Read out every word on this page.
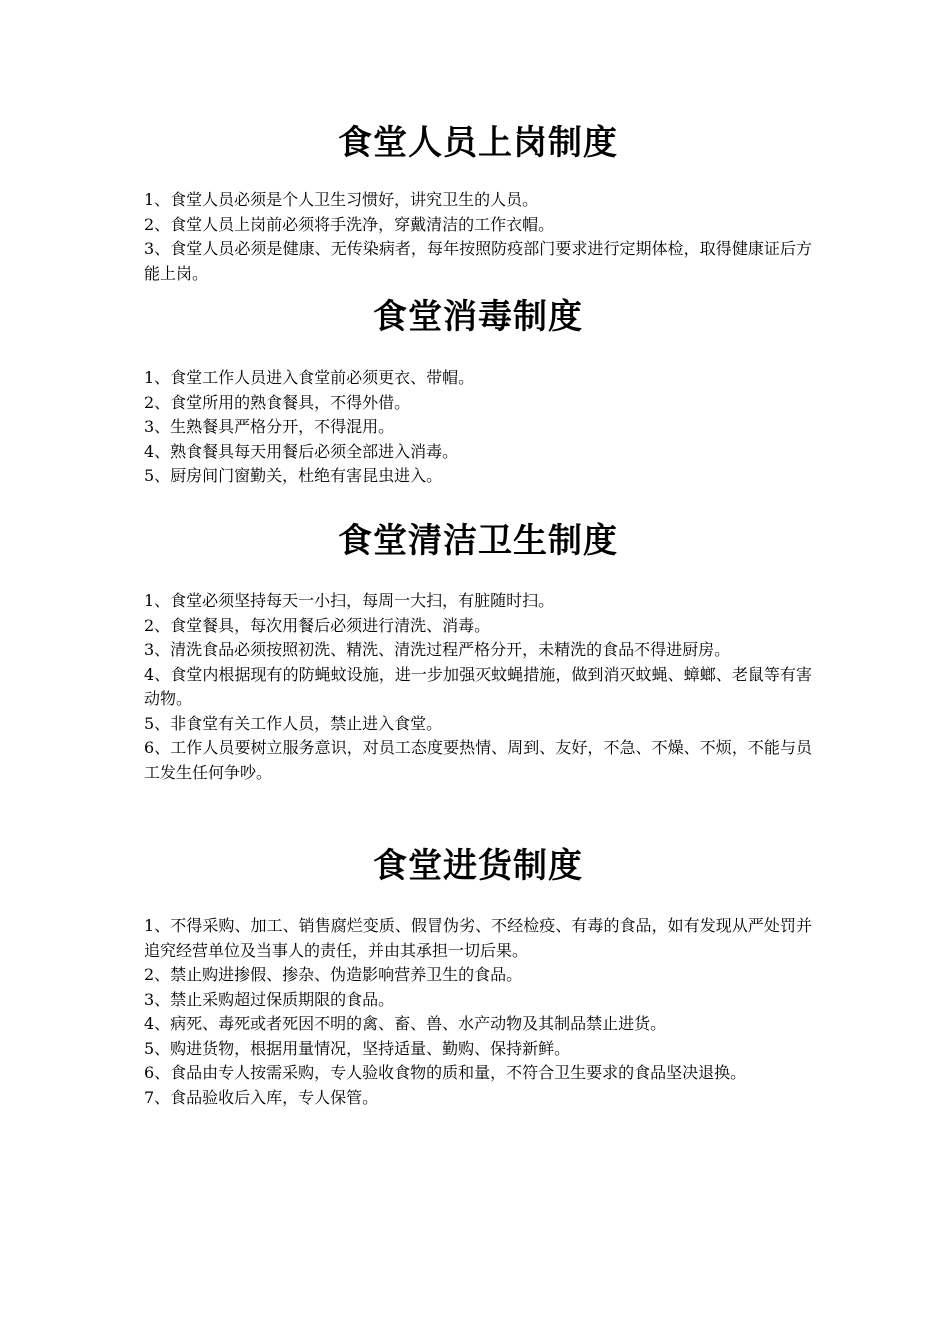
食堂人员上岗制度

1、食堂人员必须是个人卫生习惯好，讲究卫生的人员。

2、食堂人员上岗前必须将手洗净，穿戴清洁的工作衣帽。

3、食堂人员必须是健康、无传染病者，每年按照防疫部门要求进行定期体检，取得健康证后方能上岗。

食堂消毒制度

1、食堂工作人员进入食堂前必须更衣、带帽。

2、食堂所用的熟食餐具，不得外借。

3、生熟餐具严格分开，不得混用。

4、熟食餐具每天用餐后必须全部进入消毒。

5、厨房间门窗勤关，杜绝有害昆虫进入。

食堂清洁卫生制度

1、食堂必须坚持每天一小扫，每周一大扫，有脏随时扫。

2、食堂餐具，每次用餐后必须进行清洗、消毒。

3、清洗食品必须按照初洗、精洗、清洗过程严格分开，未精洗的食品不得进厨房。

4、食堂内根据现有的防蝇蚊设施，进一步加强灭蚊蝇措施，做到消灭蚊蝇、蟑螂、老鼠等有害动物。

5、非食堂有关工作人员，禁止进入食堂。

6、工作人员要树立服务意识，对员工态度要热情、周到、友好，不急、不燥、不烦，不能与员工发生任何争吵。

食堂进货制度

1、不得采购、加工、销售腐烂变质、假冒伪劣、不经检疫、有毒的食品，如有发现从严处罚并追究经营单位及当事人的责任，并由其承担一切后果。

2、禁止购进掺假、掺杂、伪造影响营养卫生的食品。

3、禁止采购超过保质期限的食品。

4、病死、毒死或者死因不明的禽、畜、兽、水产动物及其制品禁止进货。

5、购进货物，根据用量情况，坚持适量、勤购、保持新鲜。

6、食品由专人按需采购，专人验收食物的质和量，不符合卫生要求的食品坚决退换。

7、食品验收后入库，专人保管。
